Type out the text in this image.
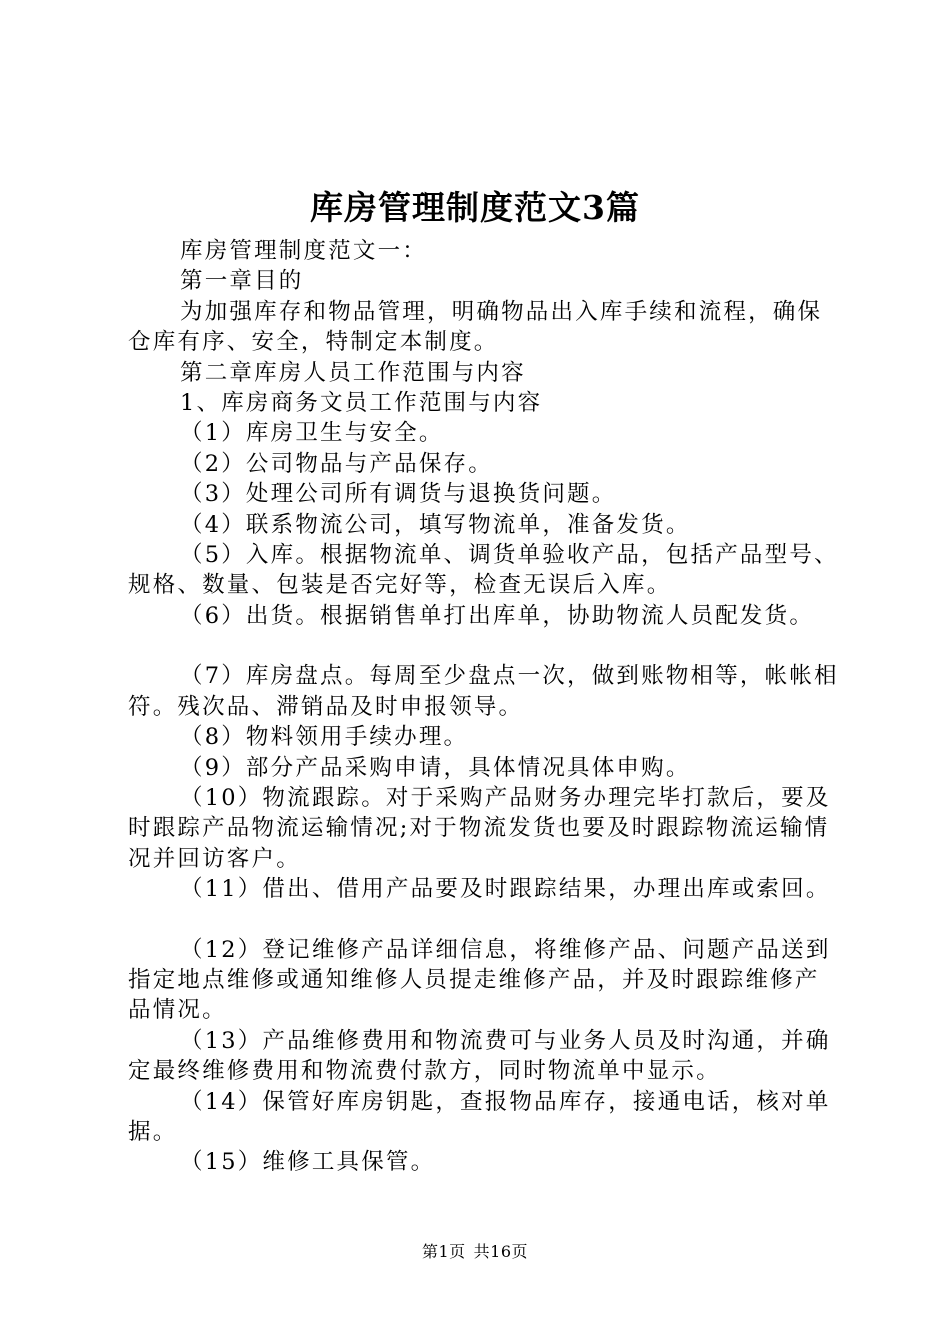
库房管理制度范文3篇

库房管理制度范文一：

第一章目的

为加强库存和物品管理，明确物品出入库手续和流程，确保仓库有序、安全，特制定本制度。

第二章库房人员工作范围与内容

1、库房商务文员工作范围与内容

（1）库房卫生与安全。

（2）公司物品与产品保存。

（3）处理公司所有调货与退换货问题。

（4）联系物流公司，填写物流单，准备发货。

（5）入库。根据物流单、调货单验收产品，包括产品型号、规格、数量、包装是否完好等，检查无误后入库。

（6）出货。根据销售单打出库单，协助物流人员配发货。

（7）库房盘点。每周至少盘点一次，做到账物相等，帐帐相符。残次品、滞销品及时申报领导。

（8）物料领用手续办理。

（9）部分产品采购申请，具体情况具体申购。

（10）物流跟踪。对于采购产品财务办理完毕打款后，要及时跟踪产品物流运输情况;对于物流发货也要及时跟踪物流运输情况并回访客户。

（11）借出、借用产品要及时跟踪结果，办理出库或索回。

（12）登记维修产品详细信息，将维修产品、问题产品送到指定地点维修或通知维修人员提走维修产品，并及时跟踪维修产品情况。

（13）产品维修费用和物流费可与业务人员及时沟通，并确定最终维修费用和物流费付款方，同时物流单中显示。

（14）保管好库房钥匙，查报物品库存，接通电话，核对单据。

（15）维修工具保管。

第1页 共16页
